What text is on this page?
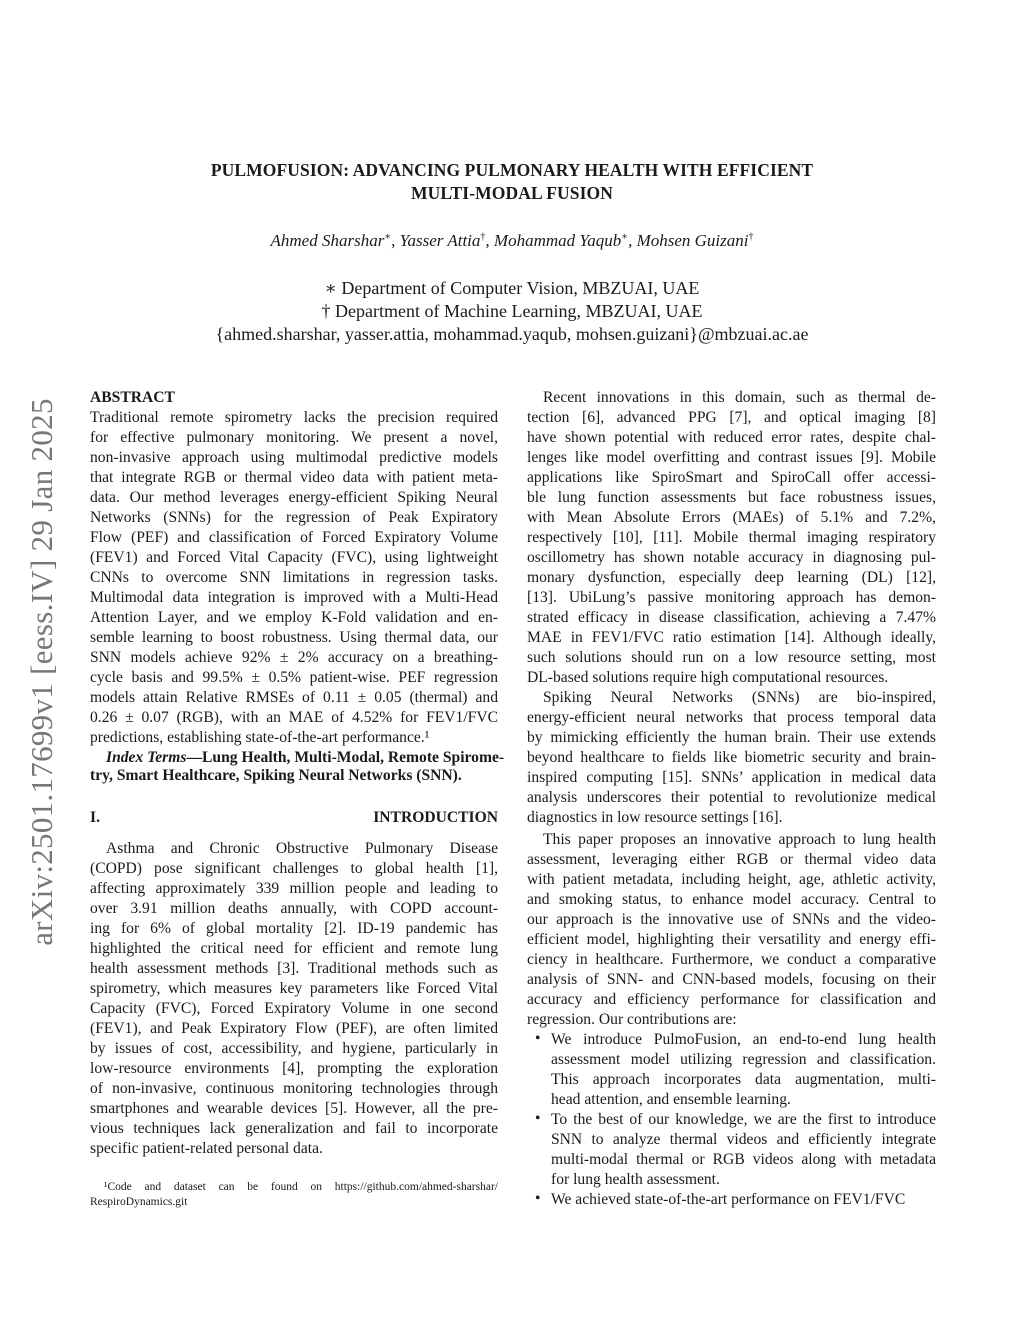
arXiv:2501.17699v1 [eess.IV] 29 Jan 2025
PULMOFUSION: ADVANCING PULMONARY HEALTH WITH EFFICIENT
MULTI-MODAL FUSION
Ahmed Sharshar∗, Yasser Attia†, Mohammad Yaqub∗, Mohsen Guizani†
∗ Department of Computer Vision, MBZUAI, UAE
† Department of Machine Learning, MBZUAI, UAE
{ahmed.sharshar, yasser.attia, mohammad.yaqub, mohsen.guizani}@mbzuai.ac.ae
ABSTRACT
Traditional remote spirometry lacks the precision required
for effective pulmonary monitoring. We present a novel,
non-invasive approach using multimodal predictive models
that integrate RGB or thermal video data with patient meta-
data. Our method leverages energy-efficient Spiking Neural
Networks (SNNs) for the regression of Peak Expiratory
Flow (PEF) and classification of Forced Expiratory Volume
(FEV1) and Forced Vital Capacity (FVC), using lightweight
CNNs to overcome SNN limitations in regression tasks.
Multimodal data integration is improved with a Multi-Head
Attention Layer, and we employ K-Fold validation and en-
semble learning to boost robustness. Using thermal data, our
SNN models achieve 92% ± 2% accuracy on a breathing-
cycle basis and 99.5% ± 0.5% patient-wise. PEF regression
models attain Relative RMSEs of 0.11 ± 0.05 (thermal) and
0.26 ± 0.07 (RGB), with an MAE of 4.52% for FEV1/FVC
predictions, establishing state-of-the-art performance.¹
Index Terms—Lung Health, Multi-Modal, Remote Spirome-
try, Smart Healthcare, Spiking Neural Networks (SNN).
I. INTRODUCTION
Asthma and Chronic Obstructive Pulmonary Disease
(COPD) pose significant challenges to global health [1],
affecting approximately 339 million people and leading to
over 3.91 million deaths annually, with COPD account-
ing for 6% of global mortality [2]. ID-19 pandemic has
highlighted the critical need for efficient and remote lung
health assessment methods [3]. Traditional methods such as
spirometry, which measures key parameters like Forced Vital
Capacity (FVC), Forced Expiratory Volume in one second
(FEV1), and Peak Expiratory Flow (PEF), are often limited
by issues of cost, accessibility, and hygiene, particularly in
low-resource environments [4], prompting the exploration
of non-invasive, continuous monitoring technologies through
smartphones and wearable devices [5]. However, all the pre-
vious techniques lack generalization and fail to incorporate
specific patient-related personal data.
¹Code and dataset can be found on https://github.com/ahmed-sharshar/
RespiroDynamics.git
Recent innovations in this domain, such as thermal de-
tection [6], advanced PPG [7], and optical imaging [8]
have shown potential with reduced error rates, despite chal-
lenges like model overfitting and contrast issues [9]. Mobile
applications like SpiroSmart and SpiroCall offer accessi-
ble lung function assessments but face robustness issues,
with Mean Absolute Errors (MAEs) of 5.1% and 7.2%,
respectively [10], [11]. Mobile thermal imaging respiratory
oscillometry has shown notable accuracy in diagnosing pul-
monary dysfunction, especially deep learning (DL) [12],
[13]. UbiLung’s passive monitoring approach has demon-
strated efficacy in disease classification, achieving a 7.47%
MAE in FEV1/FVC ratio estimation [14]. Although ideally,
such solutions should run on a low resource setting, most
DL-based solutions require high computational resources.
Spiking Neural Networks (SNNs) are bio-inspired,
energy-efficient neural networks that process temporal data
by mimicking efficiently the human brain. Their use extends
beyond healthcare to fields like biometric security and brain-
inspired computing [15]. SNNs’ application in medical data
analysis underscores their potential to revolutionize medical
diagnostics in low resource settings [16].
This paper proposes an innovative approach to lung health
assessment, leveraging either RGB or thermal video data
with patient metadata, including height, age, athletic activity,
and smoking status, to enhance model accuracy. Central to
our approach is the innovative use of SNNs and the video-
efficient model, highlighting their versatility and energy effi-
ciency in healthcare. Furthermore, we conduct a comparative
analysis of SNN- and CNN-based models, focusing on their
accuracy and efficiency performance for classification and
regression. Our contributions are:
• We introduce PulmoFusion, an end-to-end lung health
assessment model utilizing regression and classification.
This approach incorporates data augmentation, multi-
head attention, and ensemble learning.
• To the best of our knowledge, we are the first to introduce
SNN to analyze thermal videos and efficiently integrate
multi-modal thermal or RGB videos along with metadata
for lung health assessment.
• We achieved state-of-the-art performance on FEV1/FVC
